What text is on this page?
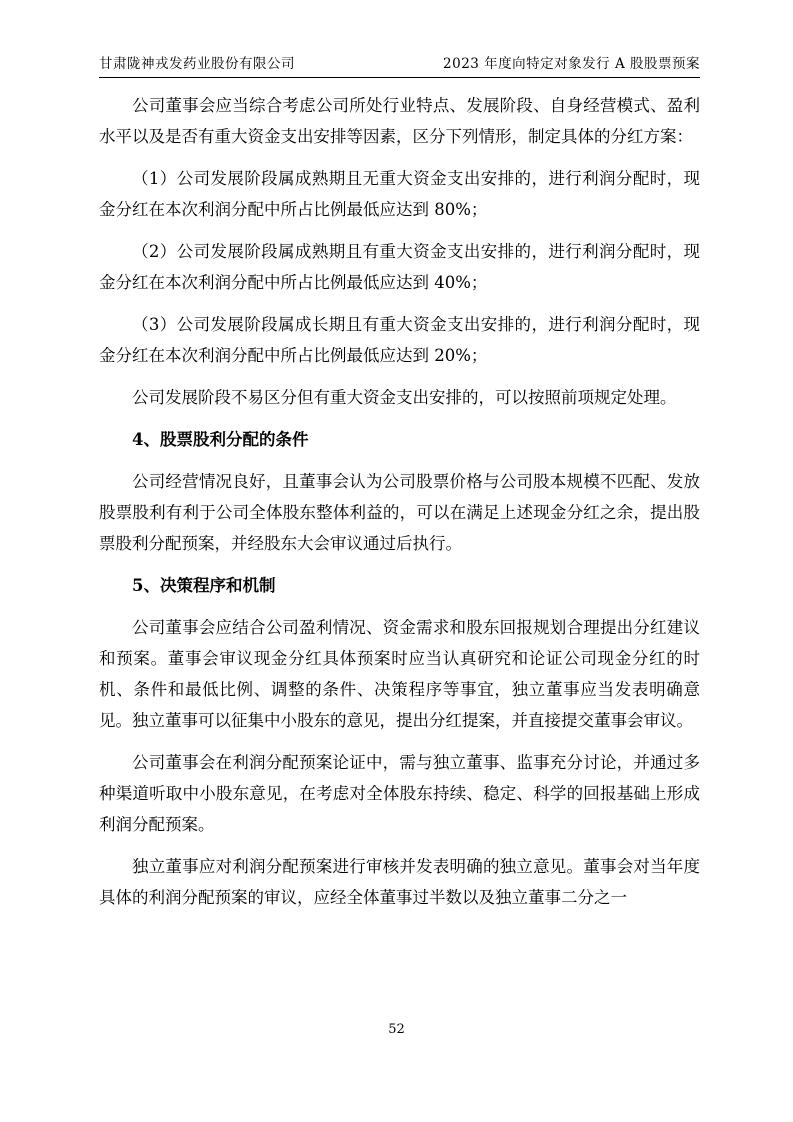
甘肃陇神戎发药业股份有限公司	2023 年度向特定对象发行 A 股股票预案

公司董事会应当综合考虑公司所处行业特点、发展阶段、自身经营模式、盈利水平以及是否有重大资金支出安排等因素，区分下列情形，制定具体的分红方案：

（1）公司发展阶段属成熟期且无重大资金支出安排的，进行利润分配时，现金分红在本次利润分配中所占比例最低应达到 80%；

（2）公司发展阶段属成熟期且有重大资金支出安排的，进行利润分配时，现金分红在本次利润分配中所占比例最低应达到 40%；

（3）公司发展阶段属成长期且有重大资金支出安排的，进行利润分配时，现金分红在本次利润分配中所占比例最低应达到 20%；

公司发展阶段不易区分但有重大资金支出安排的，可以按照前项规定处理。

4、股票股利分配的条件

公司经营情况良好，且董事会认为公司股票价格与公司股本规模不匹配、发放股票股利有利于公司全体股东整体利益的，可以在满足上述现金分红之余，提出股票股利分配预案，并经股东大会审议通过后执行。

5、决策程序和机制

公司董事会应结合公司盈利情况、资金需求和股东回报规划合理提出分红建议和预案。董事会审议现金分红具体预案时应当认真研究和论证公司现金分红的时机、条件和最低比例、调整的条件、决策程序等事宜，独立董事应当发表明确意见。独立董事可以征集中小股东的意见，提出分红提案，并直接提交董事会审议。

公司董事会在利润分配预案论证中，需与独立董事、监事充分讨论，并通过多种渠道听取中小股东意见，在考虑对全体股东持续、稳定、科学的回报基础上形成利润分配预案。

独立董事应对利润分配预案进行审核并发表明确的独立意见。董事会对当年度具体的利润分配预案的审议，应经全体董事过半数以及独立董事二分之一

52
